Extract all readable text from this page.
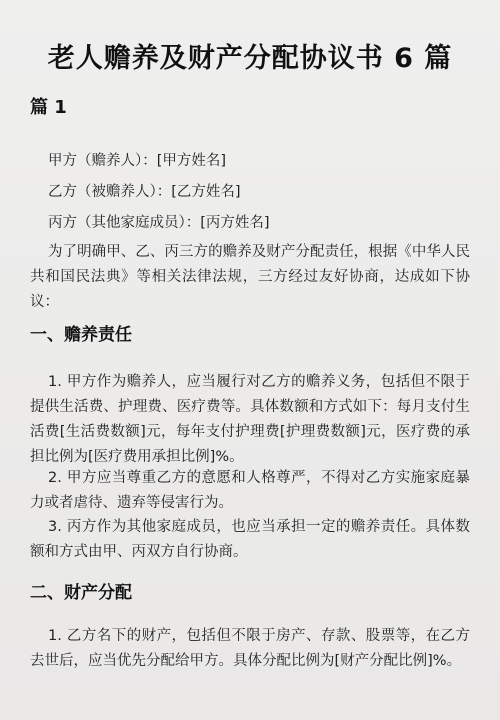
老人赡养及财产分配协议书 6 篇
篇 1
甲方（赡养人）：[甲方姓名]
乙方（被赡养人）：[乙方姓名]
丙方（其他家庭成员）：[丙方姓名]
为了明确甲、乙、丙三方的赡养及财产分配责任，根据《中华人民共和国民法典》等相关法律法规，三方经过友好协商，达成如下协议：
一、赡养责任
1. 甲方作为赡养人，应当履行对乙方的赡养义务，包括但不限于提供生活费、护理费、医疗费等。具体数额和方式如下：每月支付生活费[生活费数额]元，每年支付护理费[护理费数额]元，医疗费的承担比例为[医疗费用承担比例]%。
2. 甲方应当尊重乙方的意愿和人格尊严，不得对乙方实施家庭暴力或者虐待、遗弃等侵害行为。
3. 丙方作为其他家庭成员，也应当承担一定的赡养责任。具体数额和方式由甲、丙双方自行协商。
二、财产分配
1. 乙方名下的财产，包括但不限于房产、存款、股票等，在乙方去世后，应当优先分配给甲方。具体分配比例为[财产分配比例]%。
